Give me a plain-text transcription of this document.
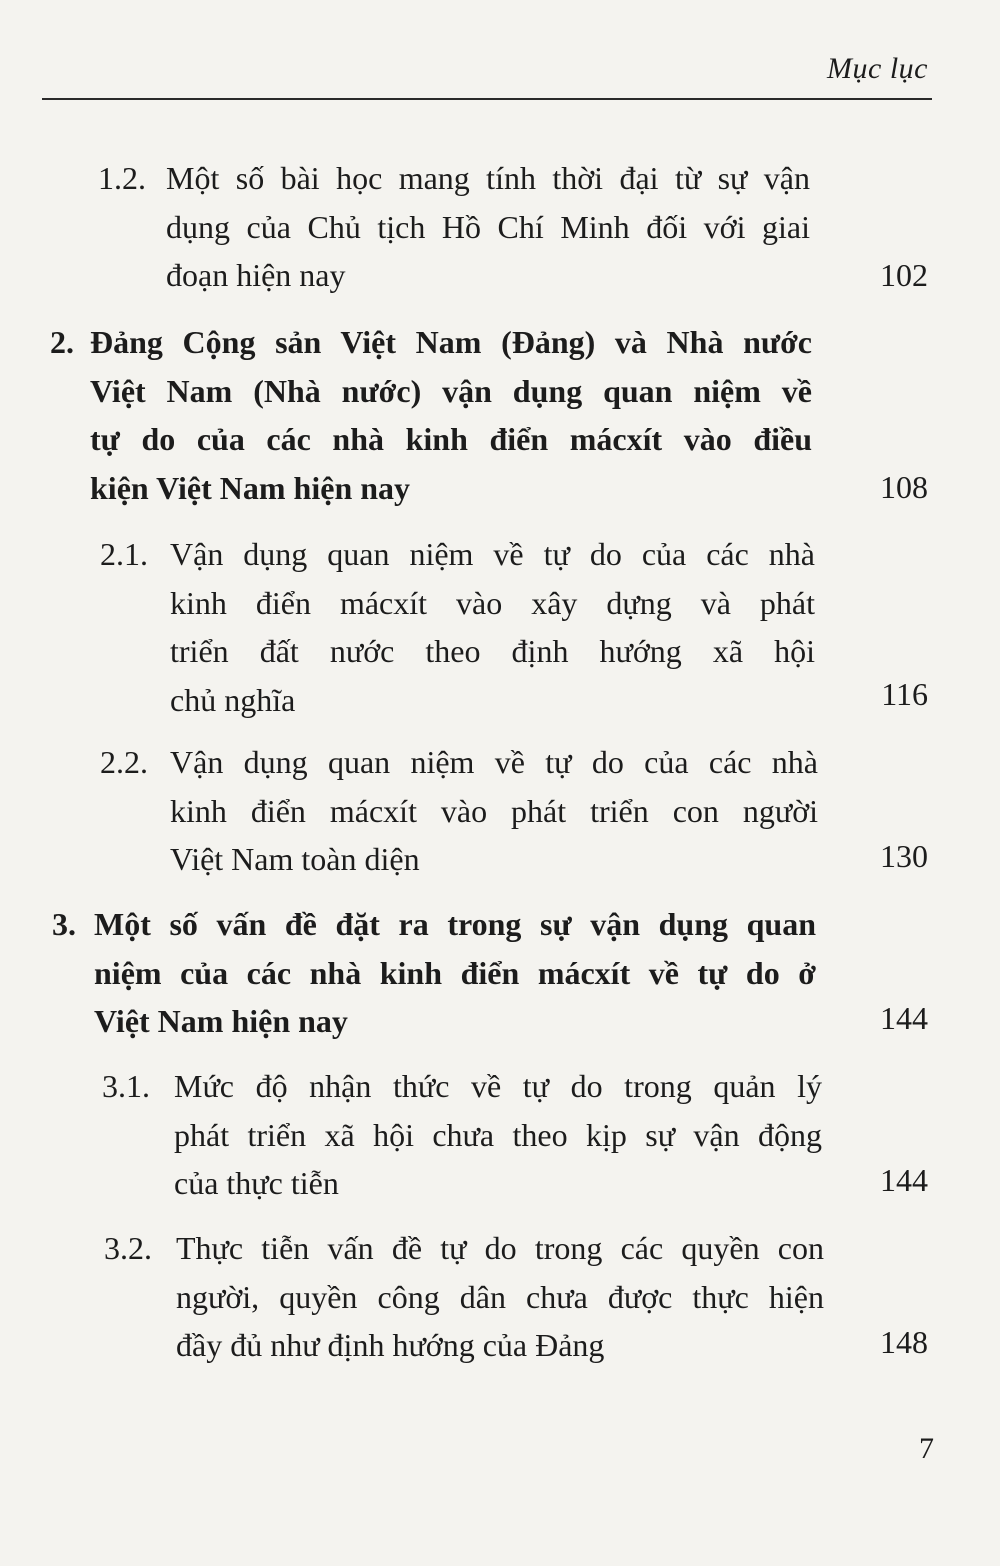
Mục lục
1.2. Một số bài học mang tính thời đại từ sự vận
dụng của Chủ tịch Hồ Chí Minh đối với giai
đoạn hiện nay	102
2. Đảng Cộng sản Việt Nam (Đảng) và Nhà nước
Việt Nam (Nhà nước) vận dụng quan niệm về
tự do của các nhà kinh điển mácxít vào điều
kiện Việt Nam hiện nay	108
2.1. Vận dụng quan niệm về tự do của các nhà
kinh điển mácxít vào xây dựng và phát
triển đất nước theo định hướng xã hội
chủ nghĩa	116
2.2. Vận dụng quan niệm về tự do của các nhà
kinh điển mácxít vào phát triển con người
Việt Nam toàn diện	130
3. Một số vấn đề đặt ra trong sự vận dụng quan
niệm của các nhà kinh điển mácxít về tự do ở
Việt Nam hiện nay	144
3.1. Mức độ nhận thức về tự do trong quản lý
phát triển xã hội chưa theo kịp sự vận động
của thực tiễn	144
3.2. Thực tiễn vấn đề tự do trong các quyền con
người, quyền công dân chưa được thực hiện
đầy đủ như định hướng của Đảng	148
7
